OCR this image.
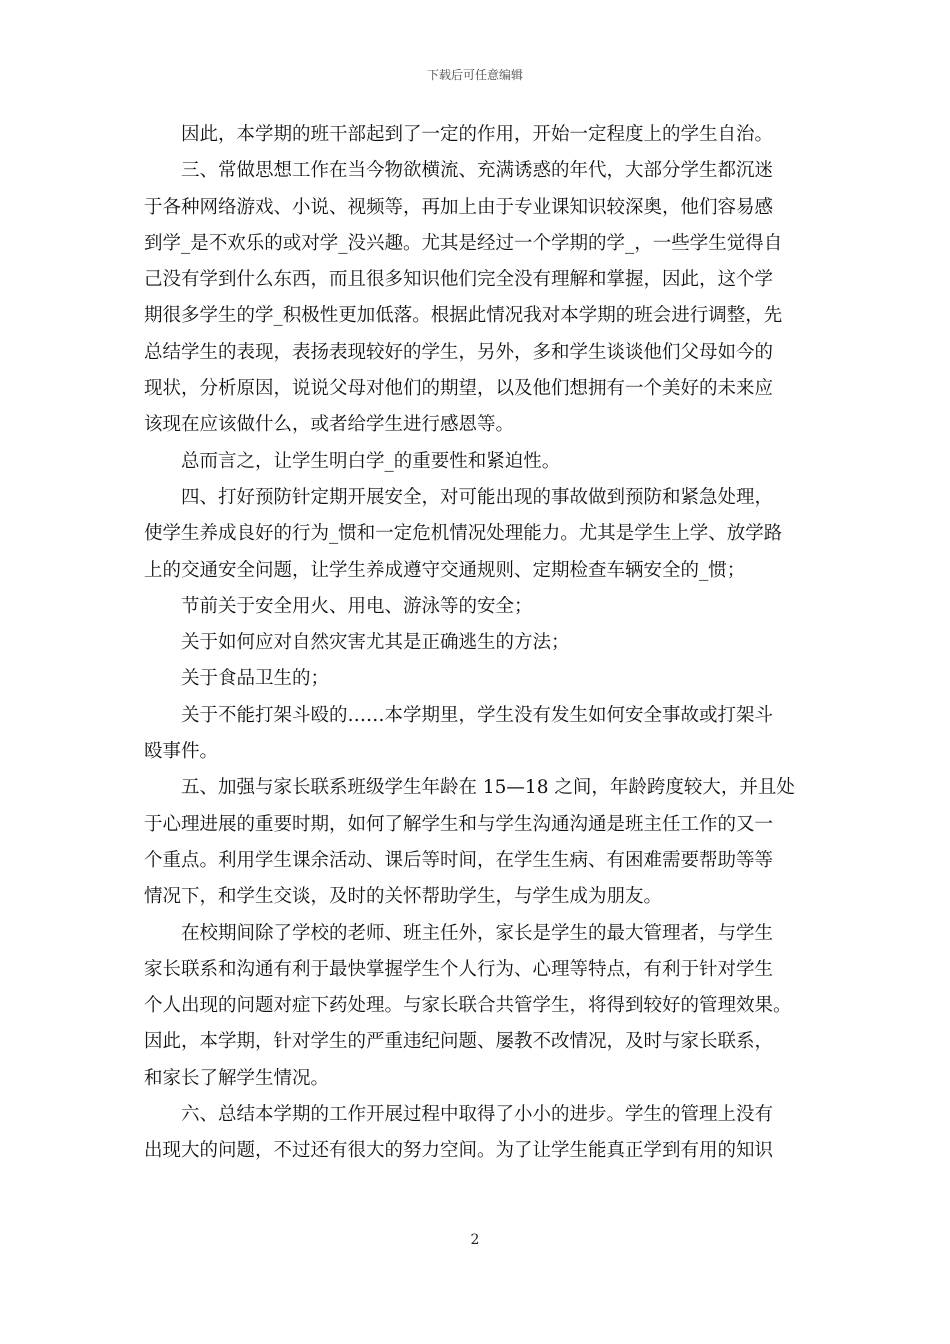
下载后可任意编辑
　　因此，本学期的班干部起到了一定的作用，开始一定程度上的学生自治。
　　三、常做思想工作在当今物欲横流、充满诱惑的年代，大部分学生都沉迷
于各种网络游戏、小说、视频等，再加上由于专业课知识较深奥，他们容易感
到学_是不欢乐的或对学_没兴趣。尤其是经过一个学期的学_，一些学生觉得自
己没有学到什么东西，而且很多知识他们完全没有理解和掌握，因此，这个学
期很多学生的学_积极性更加低落。根据此情况我对本学期的班会进行调整，先
总结学生的表现，表扬表现较好的学生，另外，多和学生谈谈他们父母如今的
现状，分析原因，说说父母对他们的期望，以及他们想拥有一个美好的未来应
该现在应该做什么，或者给学生进行感恩等。
　　总而言之，让学生明白学_的重要性和紧迫性。
　　四、打好预防针定期开展安全，对可能出现的事故做到预防和紧急处理，
使学生养成良好的行为_惯和一定危机情况处理能力。尤其是学生上学、放学路
上的交通安全问题，让学生养成遵守交通规则、定期检查车辆安全的_惯；
　　节前关于安全用火、用电、游泳等的安全；
　　关于如何应对自然灾害尤其是正确逃生的方法；
　　关于食品卫生的；
　　关于不能打架斗殴的……本学期里，学生没有发生如何安全事故或打架斗
殴事件。
　　五、加强与家长联系班级学生年龄在 15—18 之间，年龄跨度较大，并且处
于心理进展的重要时期，如何了解学生和与学生沟通沟通是班主任工作的又一
个重点。利用学生课余活动、课后等时间，在学生生病、有困难需要帮助等等
情况下，和学生交谈，及时的关怀帮助学生，与学生成为朋友。
　　在校期间除了学校的老师、班主任外，家长是学生的最大管理者，与学生
家长联系和沟通有利于最快掌握学生个人行为、心理等特点，有利于针对学生
个人出现的问题对症下药处理。与家长联合共管学生，将得到较好的管理效果。
因此，本学期，针对学生的严重违纪问题、屡教不改情况，及时与家长联系，
和家长了解学生情况。
　　六、总结本学期的工作开展过程中取得了小小的进步。学生的管理上没有
出现大的问题，不过还有很大的努力空间。为了让学生能真正学到有用的知识
2
